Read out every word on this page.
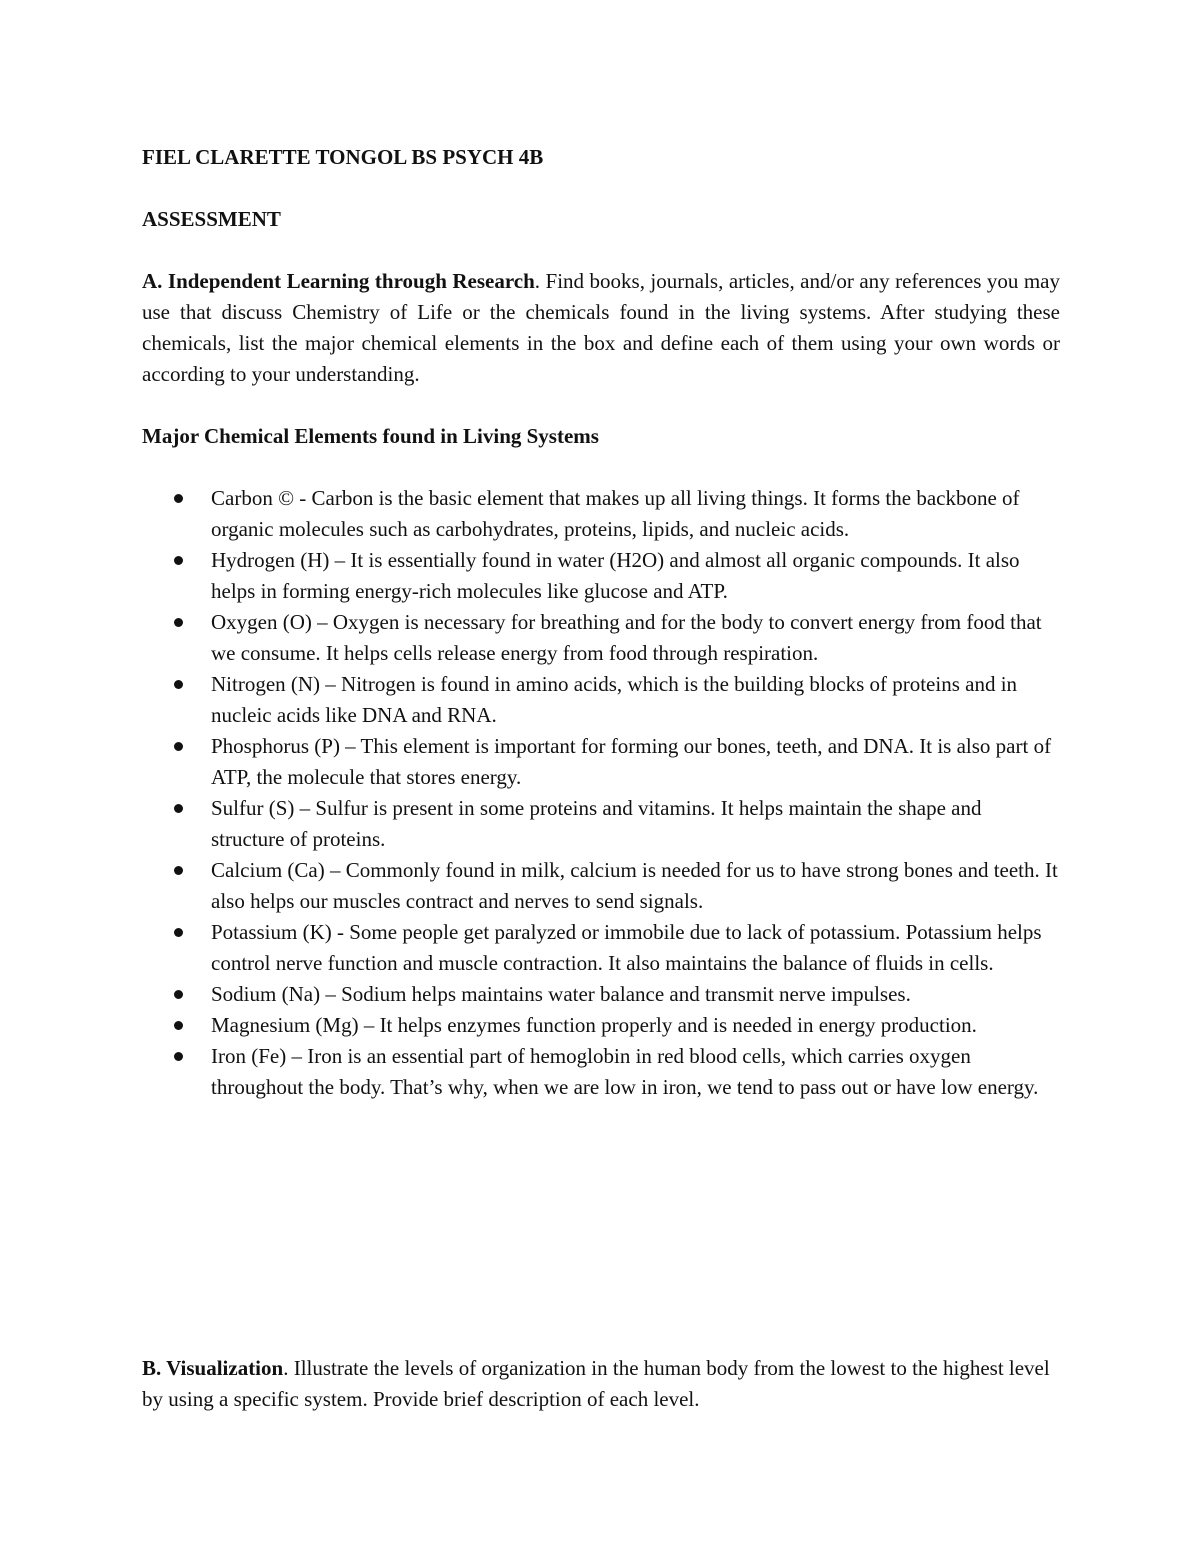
FIEL CLARETTE TONGOL BS PSYCH 4B
ASSESSMENT
A. Independent Learning through Research. Find books, journals, articles, and/or any references you may use that discuss Chemistry of Life or the chemicals found in the living systems. After studying these chemicals, list the major chemical elements in the box and define each of them using your own words or according to your understanding.
Major Chemical Elements found in Living Systems
Carbon © - Carbon is the basic element that makes up all living things. It forms the backbone of organic molecules such as carbohydrates, proteins, lipids, and nucleic acids.
Hydrogen (H) – It is essentially found in water (H2O) and almost all organic compounds. It also helps in forming energy-rich molecules like glucose and ATP.
Oxygen (O) – Oxygen is necessary for breathing and for the body to convert energy from food that we consume. It helps cells release energy from food through respiration.
Nitrogen (N) – Nitrogen is found in amino acids, which is the building blocks of proteins and in nucleic acids like DNA and RNA.
Phosphorus (P) – This element is important for forming our bones, teeth, and DNA. It is also part of ATP, the molecule that stores energy.
Sulfur (S) – Sulfur is present in some proteins and vitamins. It helps maintain the shape and structure of proteins.
Calcium (Ca) – Commonly found in milk, calcium is needed for us to have strong bones and teeth. It also helps our muscles contract and nerves to send signals.
Potassium (K) - Some people get paralyzed or immobile due to lack of potassium. Potassium helps control nerve function and muscle contraction. It also maintains the balance of fluids in cells.
Sodium (Na) – Sodium helps maintains water balance and transmit nerve impulses.
Magnesium (Mg) – It helps enzymes function properly and is needed in energy production.
Iron (Fe) – Iron is an essential part of hemoglobin in red blood cells, which carries oxygen throughout the body. That’s why, when we are low in iron, we tend to pass out or have low energy.
B. Visualization. Illustrate the levels of organization in the human body from the lowest to the highest level by using a specific system. Provide brief description of each level.
